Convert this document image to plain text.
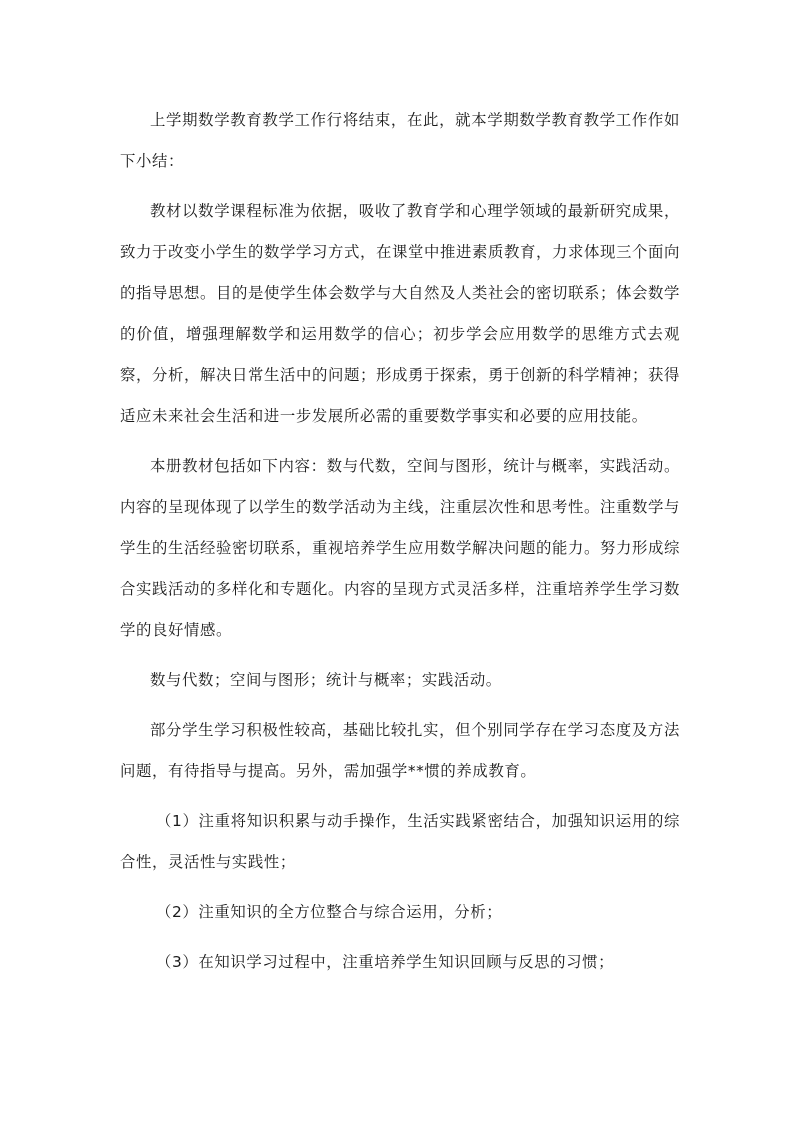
上学期数学教育教学工作行将结束，在此，就本学期数学教育教学工作作如下小结：

教材以数学课程标准为依据，吸收了教育学和心理学领域的最新研究成果，致力于改变小学生的数学学习方式，在课堂中推进素质教育，力求体现三个面向的指导思想。目的是使学生体会数学与大自然及人类社会的密切联系；体会数学的价值，增强理解数学和运用数学的信心；初步学会应用数学的思维方式去观察，分析，解决日常生活中的问题；形成勇于探索，勇于创新的科学精神；获得适应未来社会生活和进一步发展所必需的重要数学事实和必要的应用技能。

本册教材包括如下内容：数与代数，空间与图形，统计与概率，实践活动。内容的呈现体现了以学生的数学活动为主线，注重层次性和思考性。注重数学与学生的生活经验密切联系，重视培养学生应用数学解决问题的能力。努力形成综合实践活动的多样化和专题化。内容的呈现方式灵活多样，注重培养学生学习数学的良好情感。

数与代数；空间与图形；统计与概率；实践活动。

部分学生学习积极性较高，基础比较扎实，但个别同学存在学习态度及方法问题，有待指导与提高。另外，需加强学**惯的养成教育。

（1）注重将知识积累与动手操作，生活实践紧密结合，加强知识运用的综合性，灵活性与实践性；

（2）注重知识的全方位整合与综合运用，分析；

（3）在知识学习过程中，注重培养学生知识回顾与反思的习惯；
